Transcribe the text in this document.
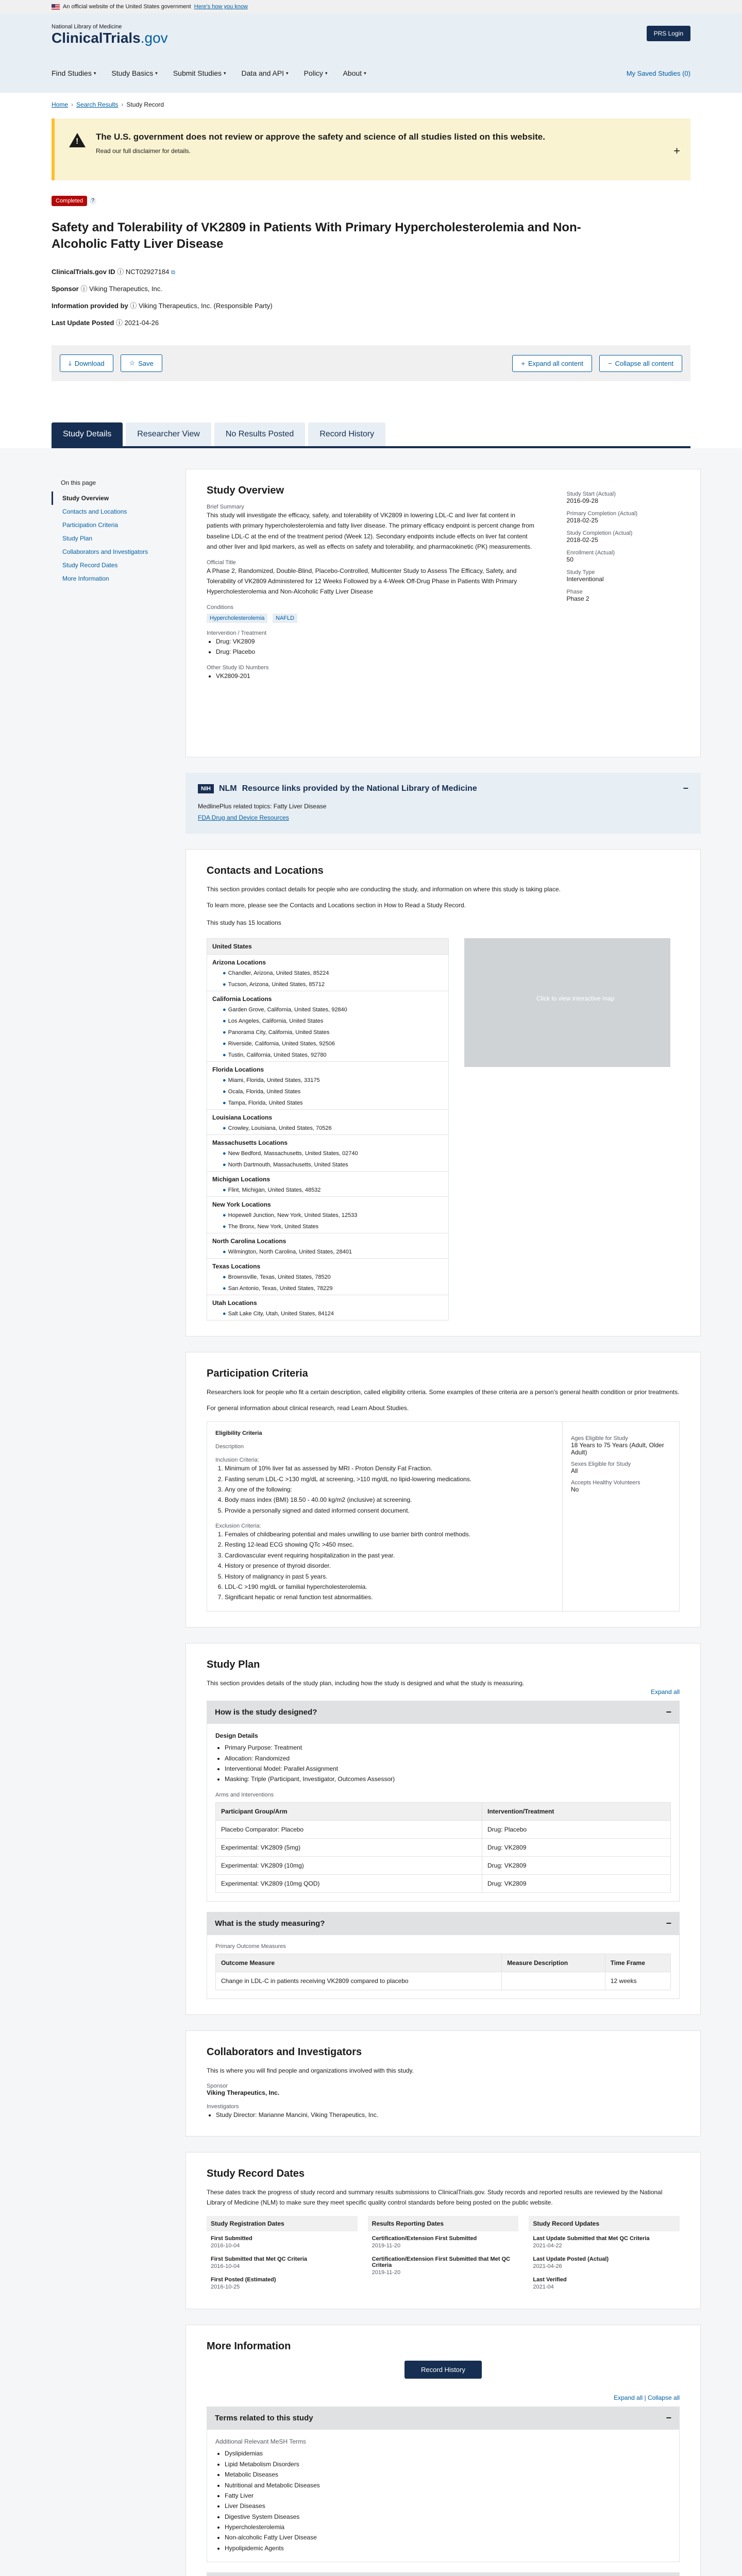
An official website of the United States government Here's how you know
National Library of Medicine
ClinicalTrials.gov	PRS Login
Find Studies ▾ Study Basics ▾ Submit Studies ▾ Data and API ▾ Policy ▾ About ▾	My Saved Studies (0)
Home › Search Results › Study Record
!
The U.S. government does not review or approve the safety and science of all studies listed on this website.

Read our full disclaimer for details.	+
Completed ?
Safety and Tolerability of VK2809 in Patients With Primary Hypercholesterolemia and Non-Alcoholic Fatty Liver Disease
ClinicalTrials.gov ID ⓘ NCT02927184 ⧉
Sponsor ⓘ Viking Therapeutics, Inc.
Information provided by ⓘ Viking Therapeutics, Inc. (Responsible Party)
Last Update Posted ⓘ 2021-04-26
⤓ Download	☆ Save	+ Expand all content	− Collapse all content
Study Details	Researcher View	No Results Posted	Record History
On this page
Study Overview
Contacts and Locations
Participation Criteria
Study Plan
Collaborators and Investigators
Study Record Dates
More Information
Study Overview
Brief Summary

This study will investigate the efficacy, safety, and tolerability of VK2809 in lowering LDL-C and liver fat content in patients with primary hypercholesterolemia and fatty liver disease. The primary efficacy endpoint is percent change from baseline LDL-C at the end of the treatment period (Week 12). Secondary endpoints include effects on liver fat content and other liver and lipid markers, as well as effects on safety and tolerability, and pharmacokinetic (PK) measurements.

Official Title

A Phase 2, Randomized, Double-Blind, Placebo-Controlled, Multicenter Study to Assess The Efficacy, Safety, and Tolerability of VK2809 Administered for 12 Weeks Followed by a 4-Week Off-Drug Phase in Patients With Primary Hypercholesterolemia and Non-Alcoholic Fatty Liver Disease

Conditions
Hypercholesterolemia NAFLD
Intervention / Treatment
• Drug: VK2809
• Drug: Placebo
Other Study ID Numbers
• VK2809-201
Study Start (Actual)
2016-09-28
Primary Completion (Actual)
2018-02-25
Study Completion (Actual)
2018-02-25
Enrollment (Actual)
50
Study Type
Interventional
Phase
Phase 2
NIH	NLM Resource links provided by the National Library of Medicine	−
MedlinePlus related topics: Fatty Liver Disease
FDA Drug and Device Resources
Contacts and Locations

This section provides contact details for people who are conducting the study, and information on where this study is taking place.

To learn more, please see the Contacts and Locations section in How to Read a Study Record.

This study has 15 locations

United States
Arizona Locations
● Chandler, Arizona, United States, 85224
● Tucson, Arizona, United States, 85712
California Locations
● Garden Grove, California, United States, 92840
● Los Angeles, California, United States
● Panorama City, California, United States
● Riverside, California, United States, 92506
● Tustin, California, United States, 92780
Florida Locations
● Miami, Florida, United States, 33175
● Ocala, Florida, United States
● Tampa, Florida, United States
Louisiana Locations
● Crowley, Louisiana, United States, 70526
Massachusetts Locations
● New Bedford, Massachusetts, United States, 02740
● North Dartmouth, Massachusetts, United States
Michigan Locations
● Flint, Michigan, United States, 48532
New York Locations
● Hopewell Junction, New York, United States, 12533
● The Bronx, New York, United States
North Carolina Locations
● Wilmington, North Carolina, United States, 28401
Texas Locations
● Brownsville, Texas, United States, 78520
● San Antonio, Texas, United States, 78229
Utah Locations
● Salt Lake City, Utah, United States, 84124
Click to view interactive map
Participation Criteria

Researchers look for people who fit a certain description, called eligibility criteria. Some examples of these criteria are a person's general health condition or prior treatments.

For general information about clinical research, read Learn About Studies.

Eligibility Criteria
Description
Inclusion Criteria:
1. Minimum of 10% liver fat as assessed by MRI - Proton Density Fat Fraction.
2. Fasting serum LDL-C >130 mg/dL at screening, >110 mg/dL no lipid-lowering medications.
3. Any one of the following:
4. Body mass index (BMI) 18.50 - 40.00 kg/m2 (inclusive) at screening.
5. Provide a personally signed and dated informed consent document.
Exclusion Criteria:
1. Females of childbearing potential and males unwilling to use barrier birth control methods.
2. Resting 12-lead ECG showing QTc >450 msec.
3. Cardiovascular event requiring hospitalization in the past year.
4. History or presence of thyroid disorder.
5. History of malignancy in past 5 years.
6. LDL-C >190 mg/dL or familial hypercholesterolemia.
7. Significant hepatic or renal function test abnormalities.
Ages Eligible for Study
18 Years to 75 Years (Adult, Older Adult)
Sexes Eligible for Study
All
Accepts Healthy Volunteers
No
Study Plan

This section provides details of the study plan, including how the study is designed and what the study is measuring.

Expand all
How is the study designed?	−
Design Details
• Primary Purpose: Treatment
• Allocation: Randomized
• Interventional Model: Parallel Assignment
• Masking: Triple (Participant, Investigator, Outcomes Assessor)
Arms and Interventions
Participant Group/Arm	Intervention/Treatment
Placebo Comparator: Placebo	Drug: Placebo
Experimental: VK2809 (5mg)	Drug: VK2809
Experimental: VK2809 (10mg)	Drug: VK2809
Experimental: VK2809 (10mg QOD)	Drug: VK2809
What is the study measuring?	−
Primary Outcome Measures
Outcome Measure	Measure Description	Time Frame
Change in LDL-C in patients receiving VK2809 compared to placebo		12 weeks
Collaborators and Investigators

This is where you will find people and organizations involved with this study.

Sponsor
Viking Therapeutics, Inc.
Investigators
• Study Director: Marianne Mancini, Viking Therapeutics, Inc.
Study Record Dates

These dates track the progress of study record and summary results submissions to ClinicalTrials.gov. Study records and reported results are reviewed by the National Library of Medicine (NLM) to make sure they meet specific quality control standards before being posted on the public website.

Study Registration Dates
First Submitted
2016-10-04
First Submitted that Met QC Criteria
2016-10-04
First Posted (Estimated)
2016-10-25
Results Reporting Dates
Certification/Extension First Submitted
2019-11-20
Certification/Extension First Submitted that Met QC Criteria
2019-11-20
Study Record Updates
Last Update Submitted that Met QC Criteria
2021-04-22
Last Update Posted (Actual)
2021-04-26
Last Verified
2021-04
More Information
Record History
Expand all | Collapse all
Terms related to this study	−
Additional Relevant MeSH Terms
• Dyslipidemias
• Lipid Metabolism Disorders
• Metabolic Diseases
• Nutritional and Metabolic Diseases
• Fatty Liver
• Liver Diseases
• Digestive System Diseases
• Hypercholesterolemia
• Non-alcoholic Fatty Liver Disease
• Hypolipidemic Agents
